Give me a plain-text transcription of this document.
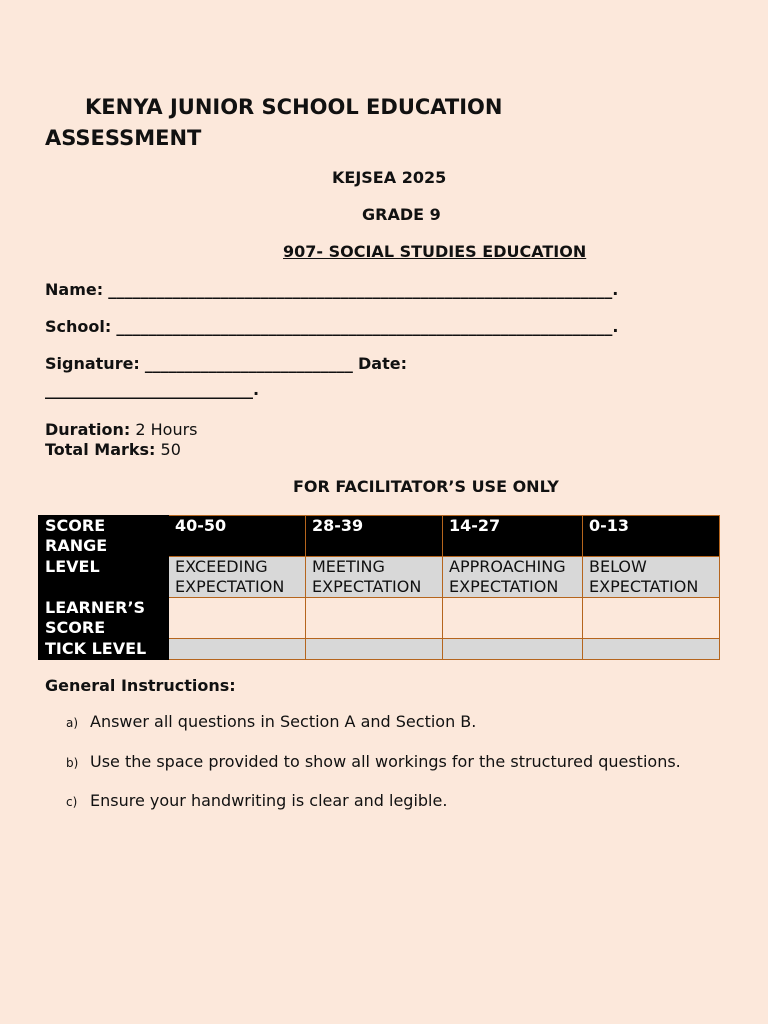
KENYA JUNIOR SCHOOL EDUCATION ASSESSMENT
KEJSEA 2025
GRADE 9
907- SOCIAL STUDIES EDUCATION
Name: _______________________________________________________________.
School: ______________________________________________________________.
Signature: __________________________ Date:
__________________________.
Duration: 2 Hours
Total Marks: 50
FOR FACILITATOR’S USE ONLY
SCORE RANGE	40-50	28-39	14-27	0-13
LEVEL	EXCEEDING EXPECTATION	MEETING EXPECTATION	APPROACHING EXPECTATION	BELOW EXPECTATION
LEARNER’S SCORE				
TICK LEVEL				
General Instructions:
a) Answer all questions in Section A and Section B.
b) Use the space provided to show all workings for the structured questions.
c) Ensure your handwriting is clear and legible.
